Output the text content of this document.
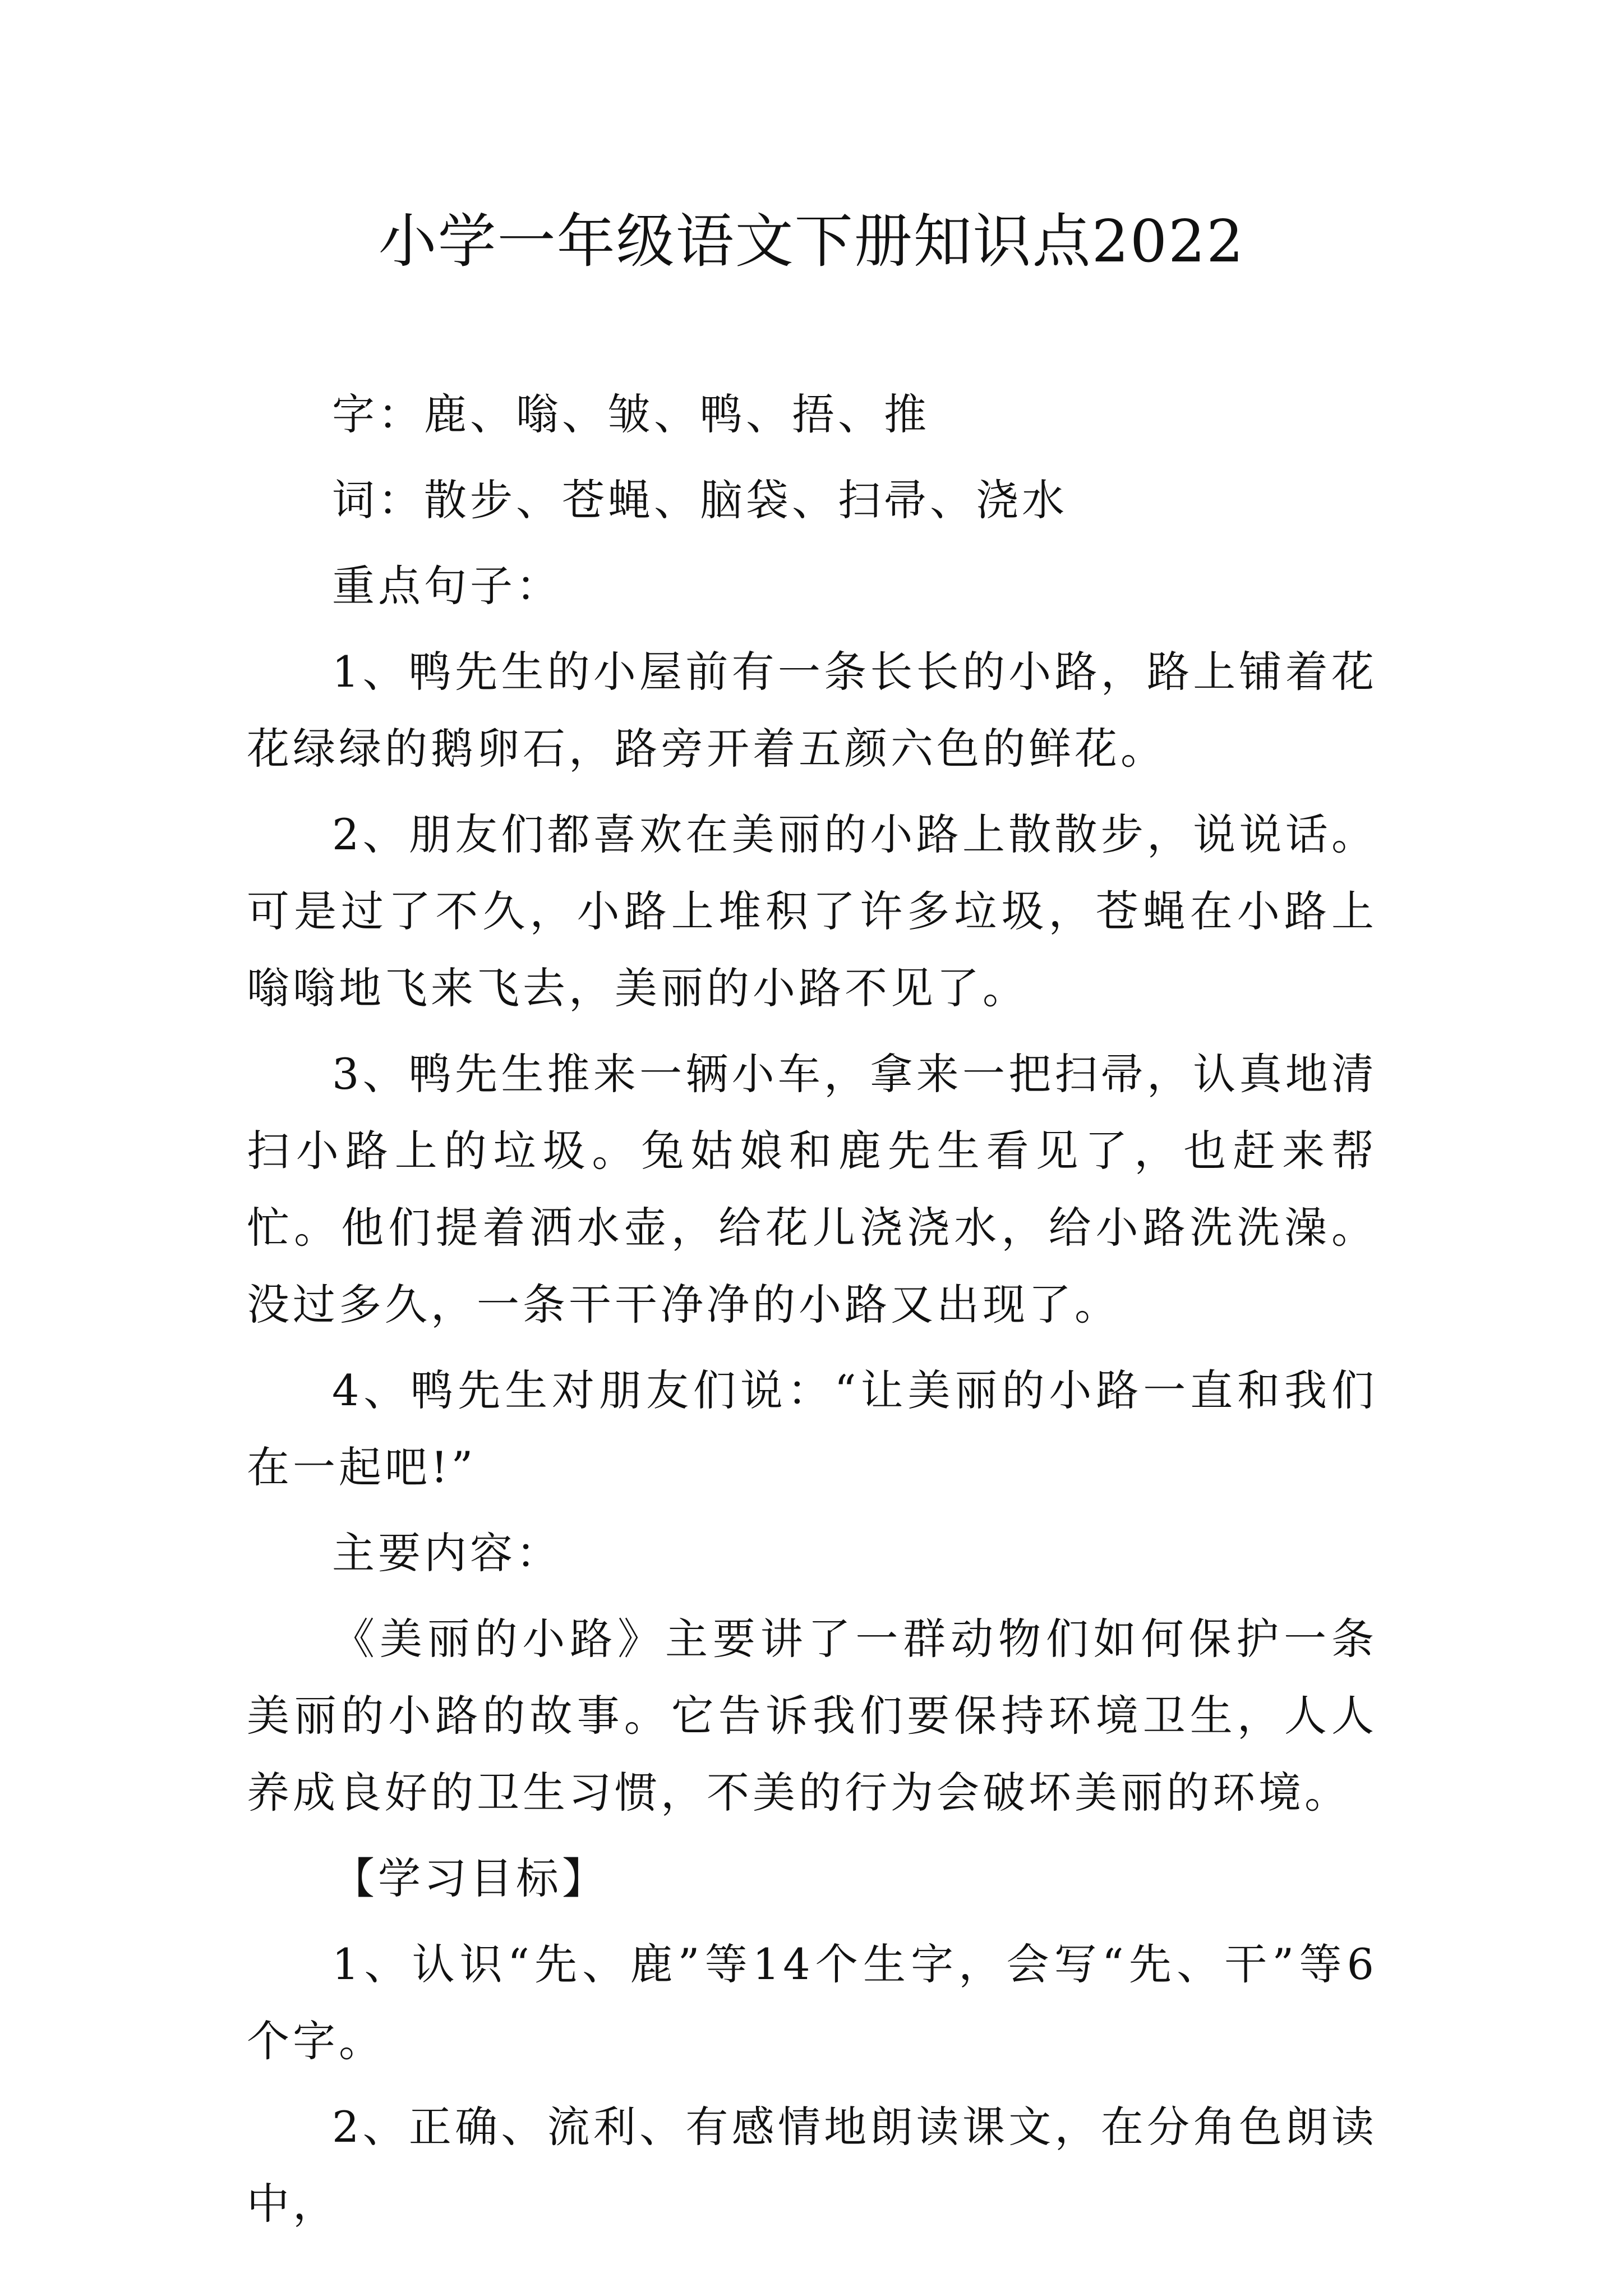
小学一年级语文下册知识点2022

字：鹿、嗡、皱、鸭、捂、推

词：散步、苍蝇、脑袋、扫帚、浇水

重点句子：

1、鸭先生的小屋前有一条长长的小路，路上铺着花花绿绿的鹅卵石，路旁开着五颜六色的鲜花。

2、朋友们都喜欢在美丽的小路上散散步，说说话。可是过了不久，小路上堆积了许多垃圾，苍蝇在小路上嗡嗡地飞来飞去，美丽的小路不见了。

3、鸭先生推来一辆小车，拿来一把扫帚，认真地清扫小路上的垃圾。兔姑娘和鹿先生看见了，也赶来帮忙。他们提着洒水壶，给花儿浇浇水，给小路洗洗澡。没过多久，一条干干净净的小路又出现了。

4、鸭先生对朋友们说：“让美丽的小路一直和我们在一起吧!”

主要内容：

《美丽的小路》主要讲了一群动物们如何保护一条美丽的小路的故事。它告诉我们要保持环境卫生，人人养成良好的卫生习惯，不美的行为会破坏美丽的环境。

【学习目标】

1、认识“先、鹿”等14个生字，会写“先、干”等6个字。

2、正确、流利、有感情地朗读课文，在分角色朗读中，
